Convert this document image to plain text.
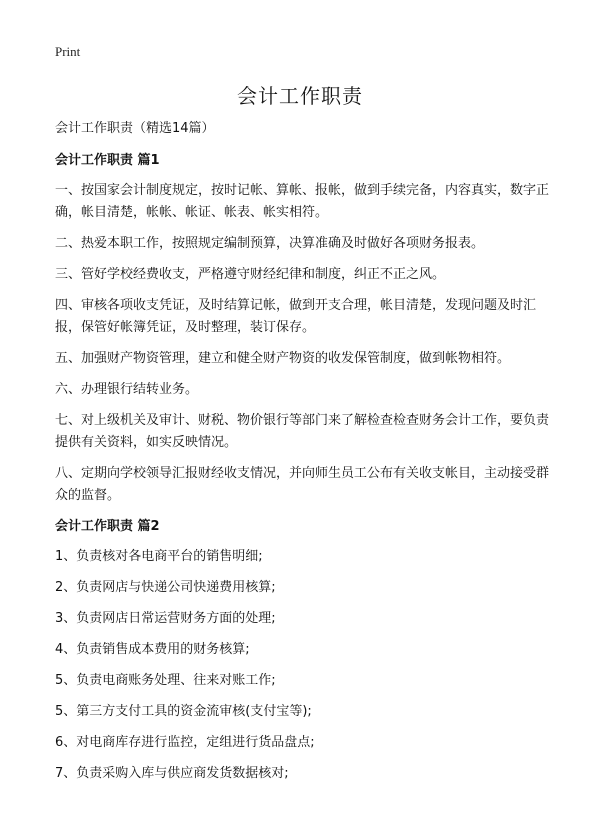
Print
会计工作职责
会计工作职责（精选14篇）
会计工作职责 篇1
一、按国家会计制度规定，按时记帐、算帐、报帐，做到手续完备，内容真实，数字正确，帐目清楚，帐帐、帐证、帐表、帐实相符。
二、热爱本职工作，按照规定编制预算，决算准确及时做好各项财务报表。
三、管好学校经费收支，严格遵守财经纪律和制度，纠正不正之风。
四、审核各项收支凭证，及时结算记帐，做到开支合理，帐目清楚，发现问题及时汇报，保管好帐簿凭证，及时整理，装订保存。
五、加强财产物资管理，建立和健全财产物资的收发保管制度，做到帐物相符。
六、办理银行结转业务。
七、对上级机关及审计、财税、物价银行等部门来了解检查检查财务会计工作，要负责提供有关资料，如实反映情况。
八、定期向学校领导汇报财经收支情况，并向师生员工公布有关收支帐目，主动接受群众的监督。
会计工作职责 篇2
1、负责核对各电商平台的销售明细;
2、负责网店与快递公司快递费用核算;
3、负责网店日常运营财务方面的处理;
4、负责销售成本费用的财务核算;
5、负责电商账务处理、往来对账工作;
5、第三方支付工具的资金流审核(支付宝等);
6、对电商库存进行监控，定组进行货品盘点;
7、负责采购入库与供应商发货数据核对;
